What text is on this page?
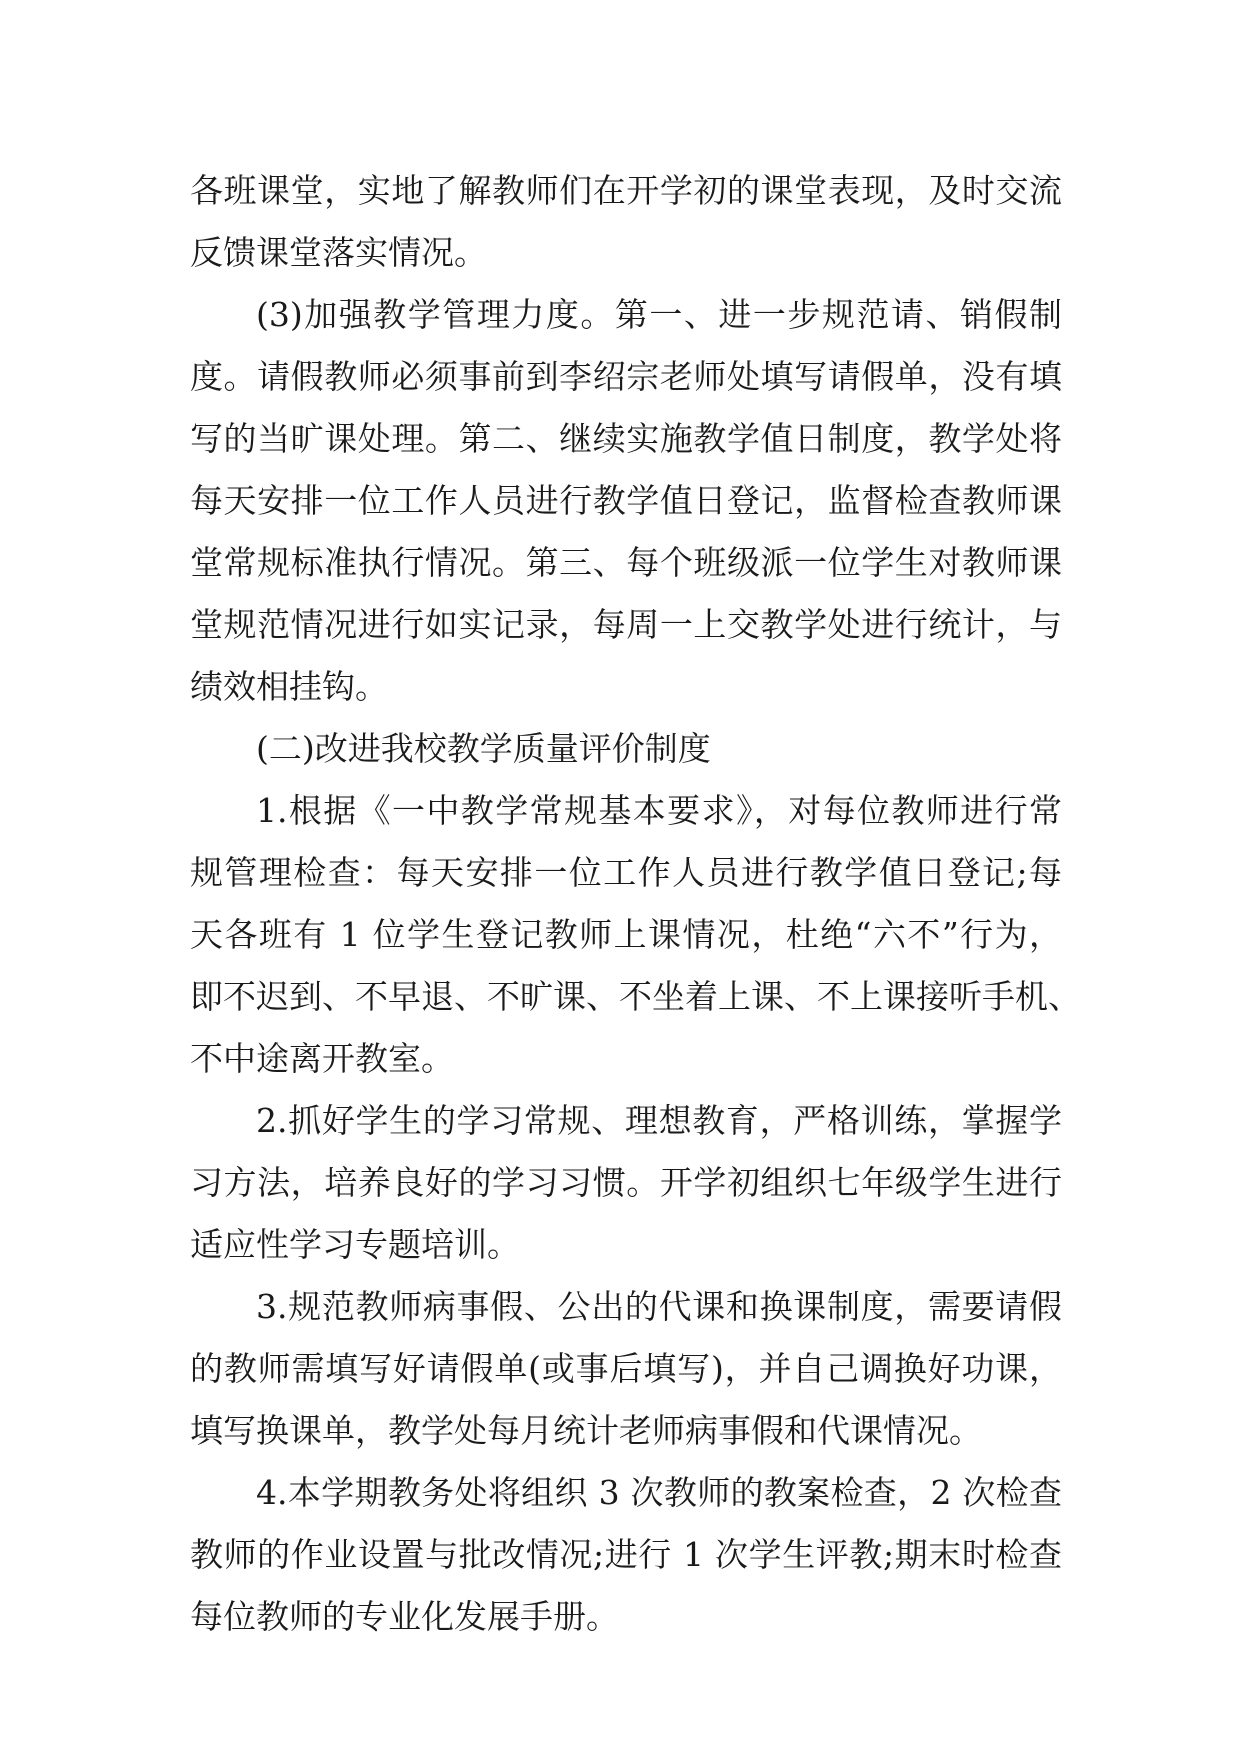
各班课堂，实地了解教师们在开学初的课堂表现，及时交流
反馈课堂落实情况。
(3)加强教学管理力度。第一、进一步规范请、销假制
度。请假教师必须事前到李绍宗老师处填写请假单，没有填
写的当旷课处理。第二、继续实施教学值日制度，教学处将
每天安排一位工作人员进行教学值日登记，监督检查教师课
堂常规标准执行情况。第三、每个班级派一位学生对教师课
堂规范情况进行如实记录，每周一上交教学处进行统计，与
绩效相挂钩。
(二)改进我校教学质量评价制度
1.根据《一中教学常规基本要求》，对每位教师进行常
规管理检查：每天安排一位工作人员进行教学值日登记;每
天各班有 1 位学生登记教师上课情况，杜绝“六不”行为，
即不迟到、不早退、不旷课、不坐着上课、不上课接听手机、
不中途离开教室。
2.抓好学生的学习常规、理想教育，严格训练，掌握学
习方法，培养良好的学习习惯。开学初组织七年级学生进行
适应性学习专题培训。
3.规范教师病事假、公出的代课和换课制度，需要请假
的教师需填写好请假单(或事后填写)，并自己调换好功课，
填写换课单，教学处每月统计老师病事假和代课情况。
4.本学期教务处将组织 3 次教师的教案检查，2 次检查
教师的作业设置与批改情况;进行 1 次学生评教;期末时检查
每位教师的专业化发展手册。
